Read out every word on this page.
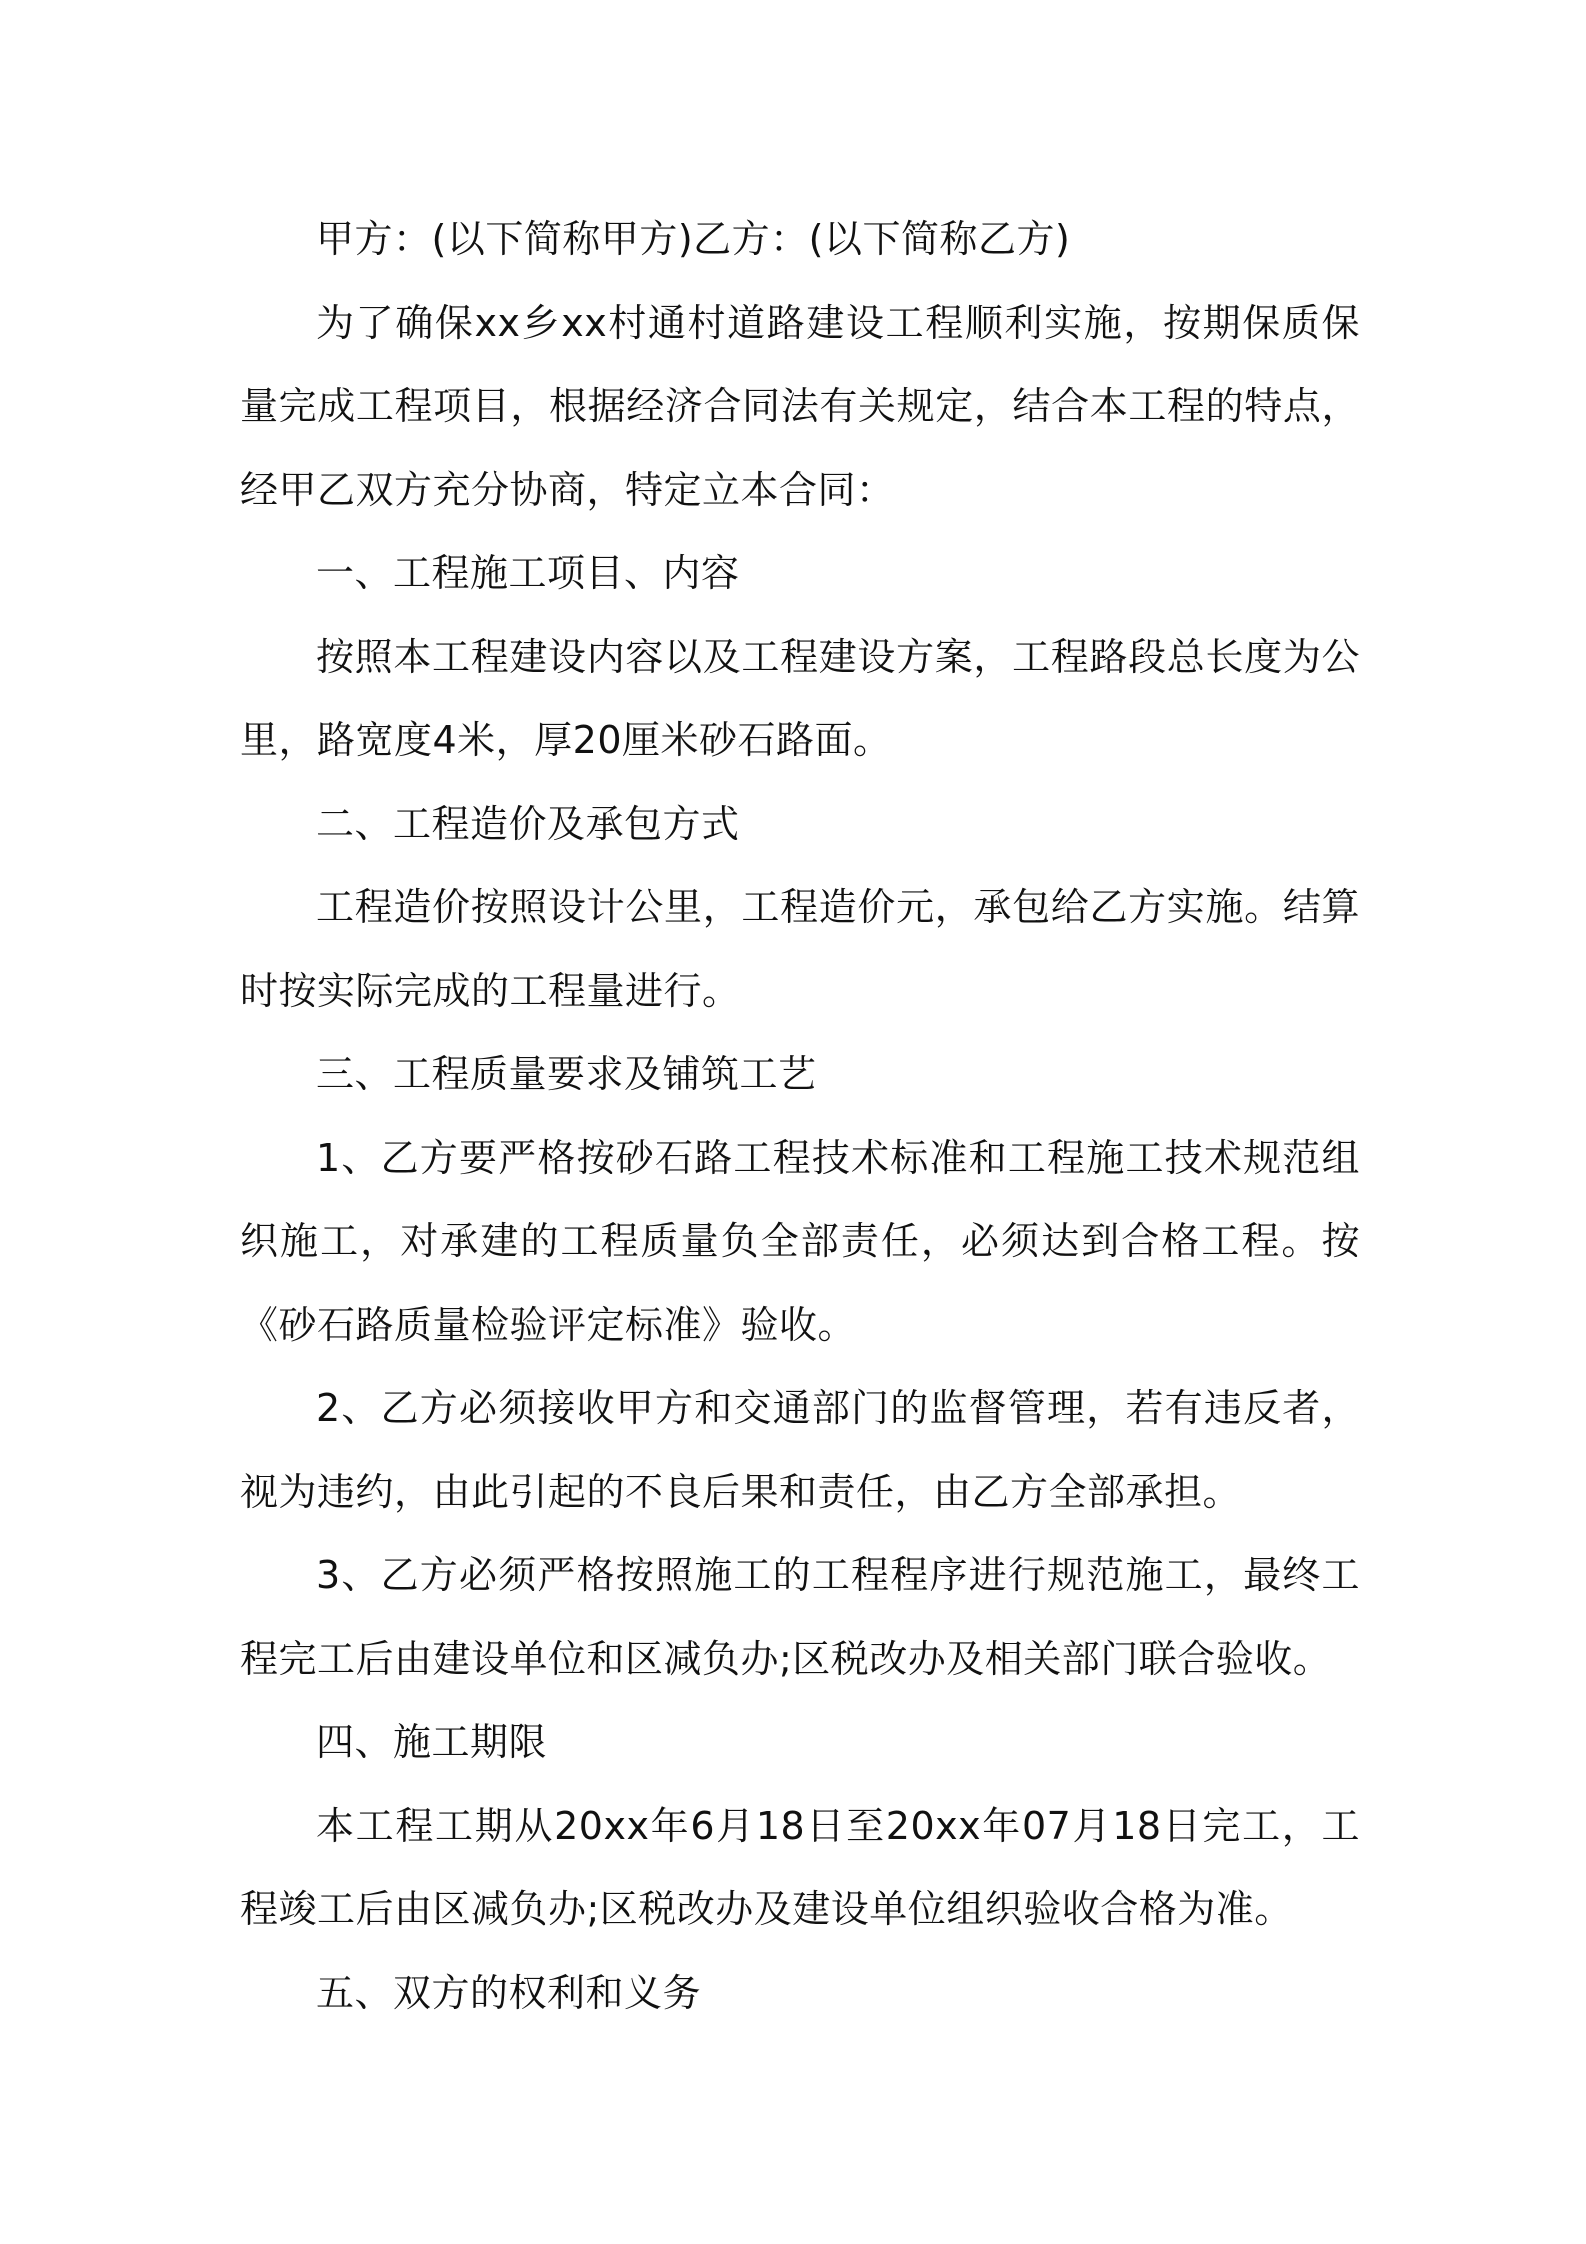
甲方：(以下简称甲方)乙方：(以下简称乙方)

为了确保xx乡xx村通村道路建设工程顺利实施，按期保质保量完成工程项目，根据经济合同法有关规定，结合本工程的特点，经甲乙双方充分协商，特定立本合同：

一、工程施工项目、内容

按照本工程建设内容以及工程建设方案，工程路段总长度为公里，路宽度4米，厚20厘米砂石路面。

二、工程造价及承包方式

工程造价按照设计公里，工程造价元，承包给乙方实施。结算时按实际完成的工程量进行。

三、工程质量要求及铺筑工艺

1、乙方要严格按砂石路工程技术标准和工程施工技术规范组织施工，对承建的工程质量负全部责任，必须达到合格工程。按《砂石路质量检验评定标准》验收。

2、乙方必须接收甲方和交通部门的监督管理，若有违反者，视为违约，由此引起的不良后果和责任，由乙方全部承担。

3、乙方必须严格按照施工的工程程序进行规范施工，最终工程完工后由建设单位和区减负办;区税改办及相关部门联合验收。

四、施工期限

本工程工期从20xx年6月18日至20xx年07月18日完工，工程竣工后由区减负办;区税改办及建设单位组织验收合格为准。

五、双方的权利和义务
